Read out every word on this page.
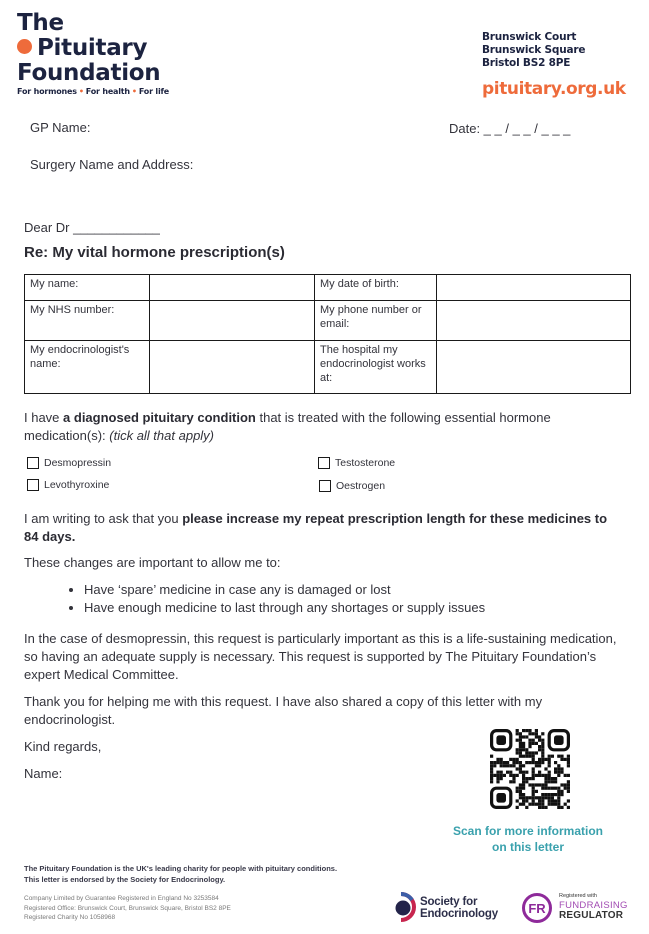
The
Pituitary
Foundation
For hormones • For health • For life
Brunswick Court
Brunswick Square
Bristol BS2 8PE
pituitary.org.uk
GP Name:	Date: _ _ / _ _ / _ _ _
Surgery Name and Address:
Dear Dr ____________
Re: My vital hormone prescription(s)
My name:		My date of birth:	
My NHS number:		My phone number or email:	
My endocrinologist's name:		The hospital my endocrinologist works at:	
I have a diagnosed pituitary condition that is treated with the following essential hormone medication(s): (tick all that apply)
Desmopressin	Testosterone
Levothyroxine	Oestrogen
I am writing to ask that you please increase my repeat prescription length for these medicines to 84 days.
These changes are important to allow me to:
• Have ‘spare’ medicine in case any is damaged or lost
• Have enough medicine to last through any shortages or supply issues
In the case of desmopressin, this request is particularly important as this is a life-sustaining medication, so having an adequate supply is necessary. This request is supported by The Pituitary Foundation’s expert Medical Committee.
Thank you for helping me with this request. I have also shared a copy of this letter with my endocrinologist.
Kind regards,
Name:
Scan for more information
on this letter
The Pituitary Foundation is the UK's leading charity for people with pituitary conditions.
This letter is endorsed by the Society for Endocrinology.
Company Limited by Guarantee Registered in England No 3253584
Registered Office: Brunswick Court, Brunswick Square, Bristol BS2 8PE
Registered Charity No 1058968
Society for
Endocrinology FR
Registered with
FUNDRAISING
REGULATOR
